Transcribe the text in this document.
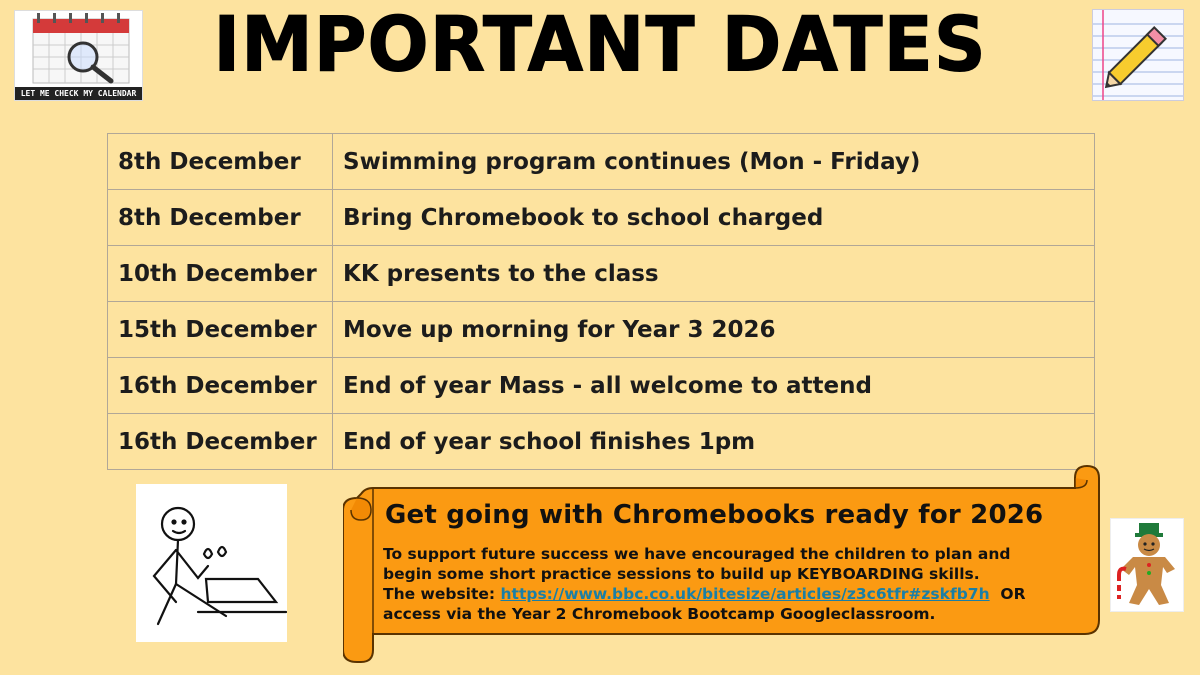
IMPORTANT DATES
LET ME CHECK MY CALENDAR
8th December	Swimming program continues (Mon - Friday)
8th December	Bring Chromebook to school charged
10th December	KK presents to the class
15th December	Move up morning for Year 3 2026
16th December	End of year Mass - all welcome to attend
16th December	End of year school finishes 1pm
Get going with Chromebooks ready for 2026
To support future success we have encouraged the children to plan and
begin some short practice sessions to build up KEYBOARDING skills.
The website: https://www.bbc.co.uk/bitesize/articles/z3c6tfr#zskfb7h  OR
access via the Year 2 Chromebook Bootcamp Googleclassroom.
